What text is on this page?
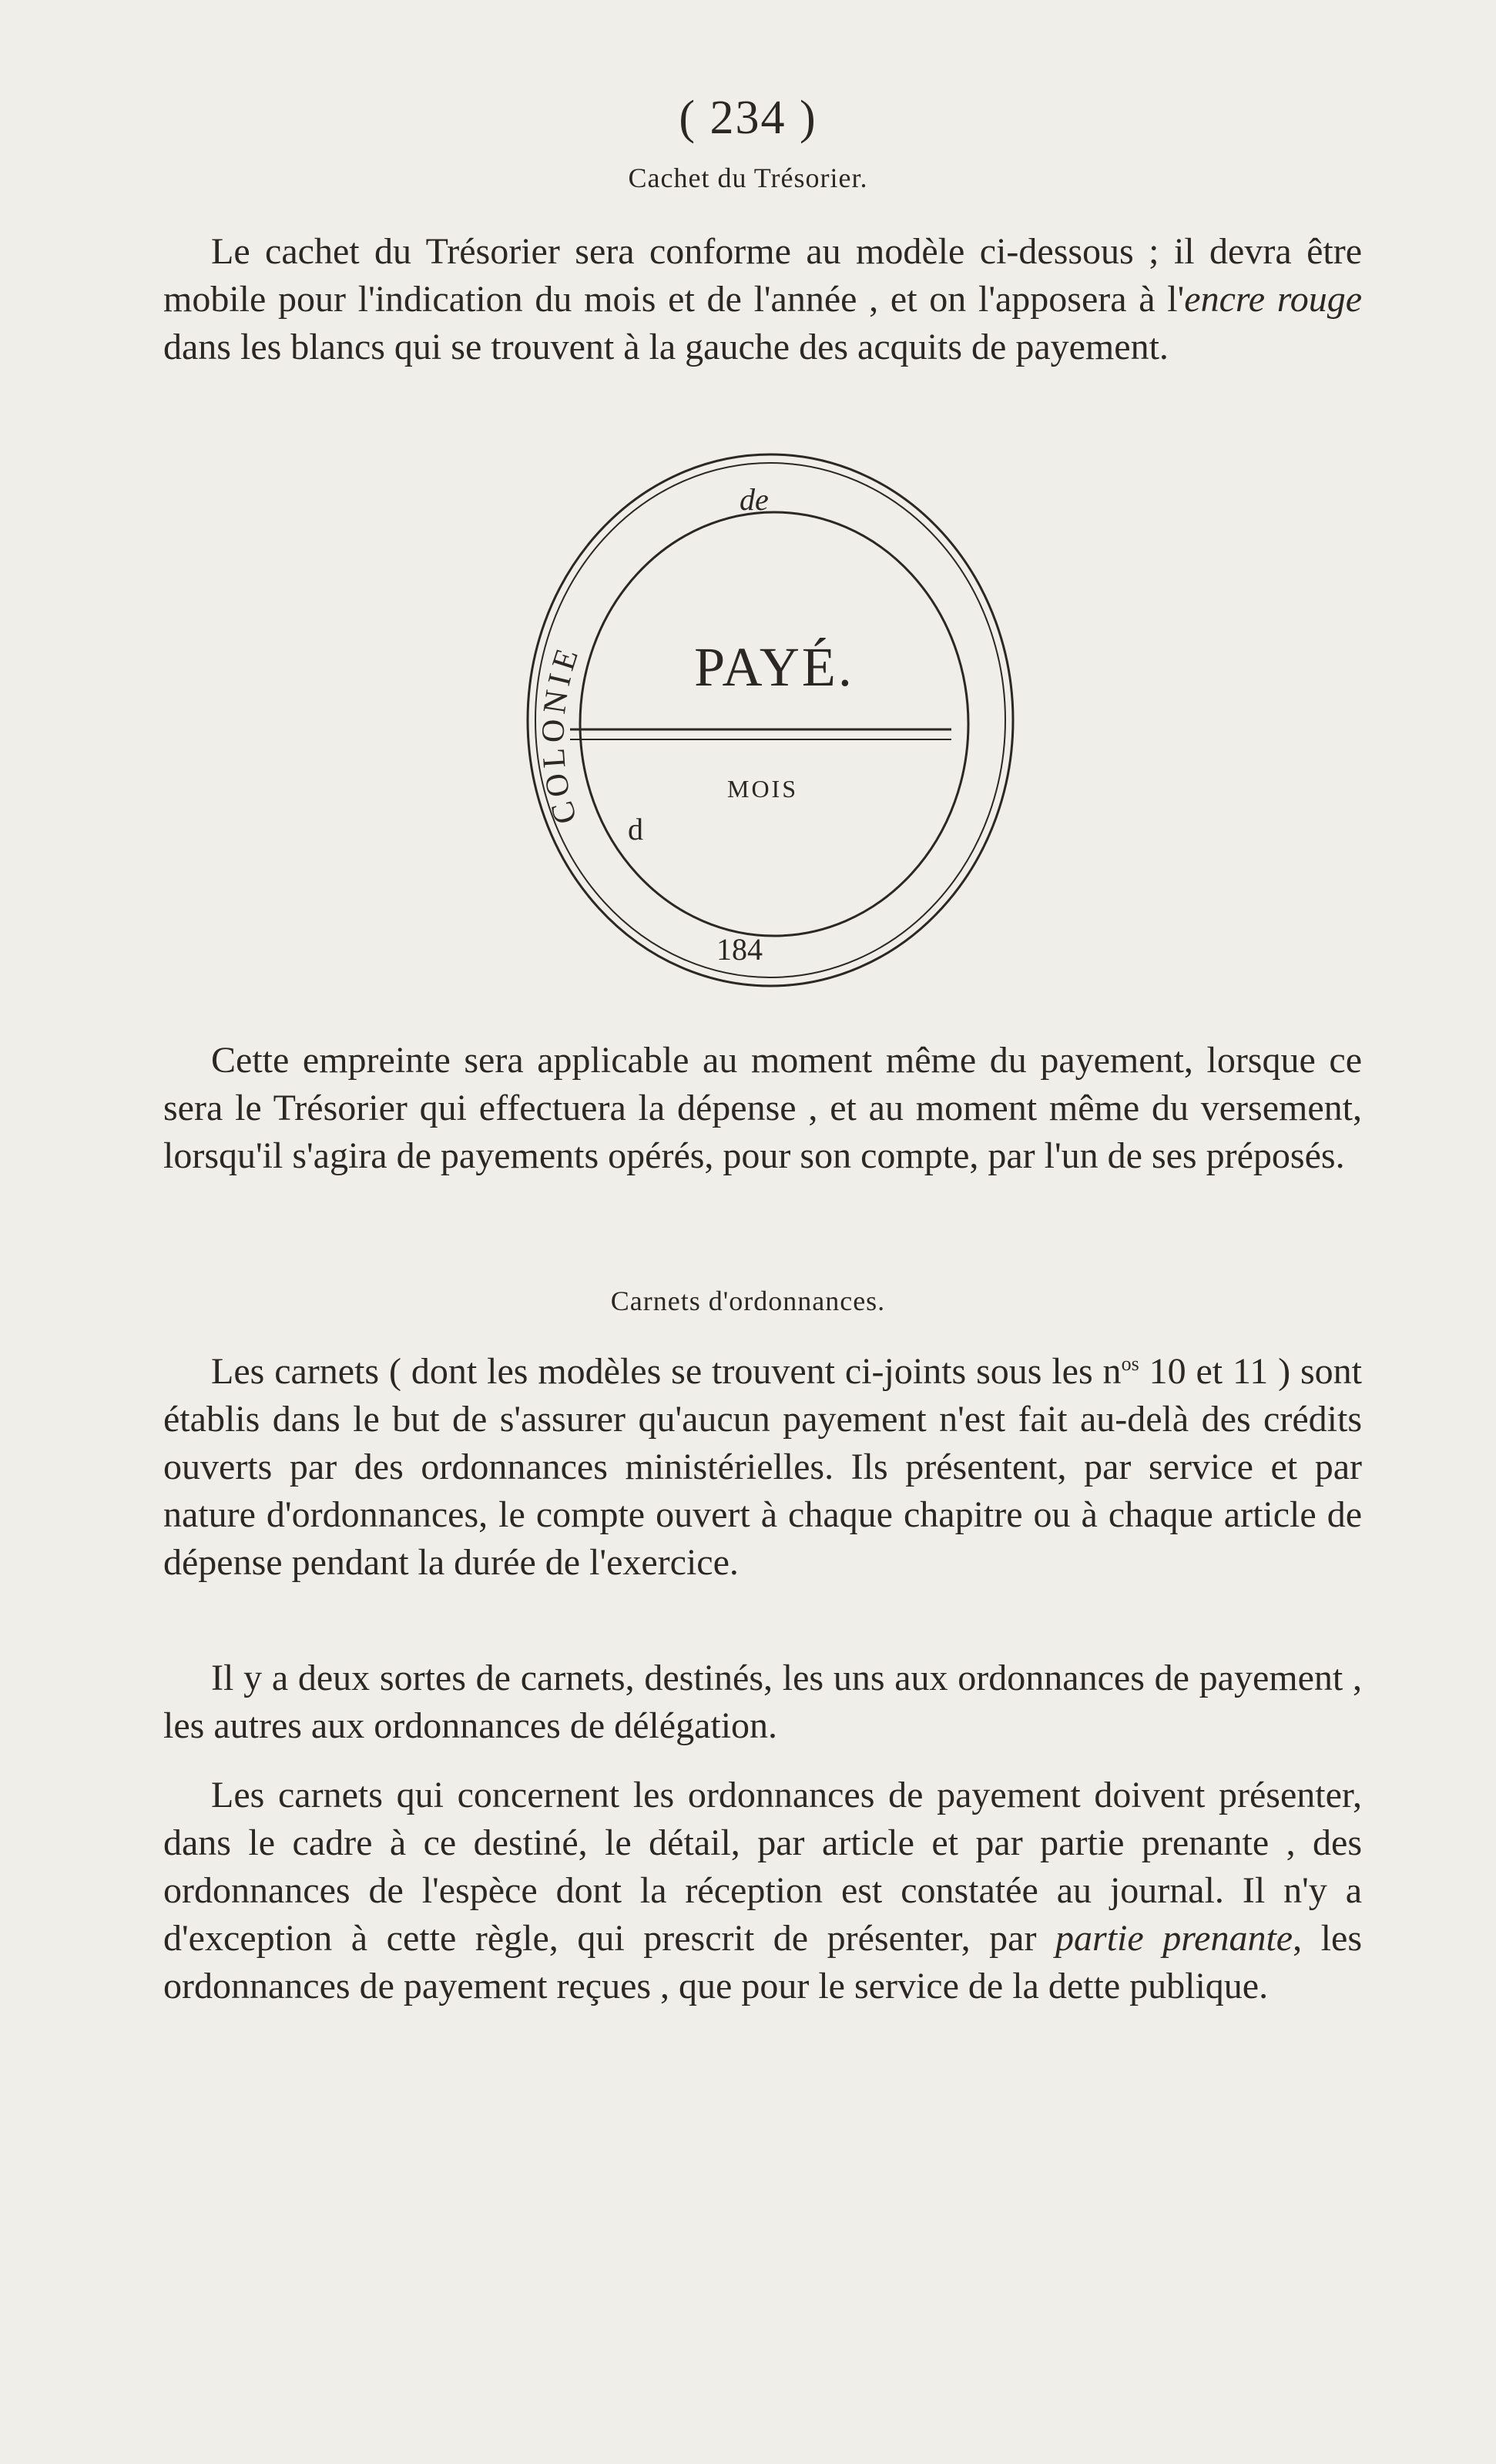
( 234 )
Cachet du Trésorier.
Le cachet du Trésorier sera conforme au modèle ci-dessous ; il devra être mobile pour l'indication du mois et de l'année , et on l'apposera à l'encre rouge dans les blancs qui se trouvent à la gauche des acquits de payement.
COLONIE
de
PAYÉ.
MOIS
d
184
Cette empreinte sera applicable au moment même du payement, lorsque ce sera le Trésorier qui effectuera la dépense , et au moment même du versement, lorsqu'il s'agira de payements opérés, pour son compte, par l'un de ses préposés.
Carnets d'ordonnances.
Les carnets ( dont les modèles se trouvent ci-joints sous les $n^{os}$ 10 et 11 ) sont établis dans le but de s'assurer qu'aucun payement n'est fait au-delà des crédits ouverts par des ordonnances ministérielles. Ils présentent, par service et par nature d'ordonnances, le compte ouvert à chaque chapitre ou à chaque article de dépense pendant la durée de l'exercice.
Il y a deux sortes de carnets, destinés, les uns aux ordonnances de payement , les autres aux ordonnances de délégation.
Les carnets qui concernent les ordonnances de payement doivent présenter, dans le cadre à ce destiné, le détail, par article et par partie prenante , des ordonnances de l'espèce dont la réception est constatée au journal. Il n'y a d'exception à cette règle, qui prescrit de présenter, par partie prenante, les ordonnances de payement reçues , que pour le service de la dette publique.
